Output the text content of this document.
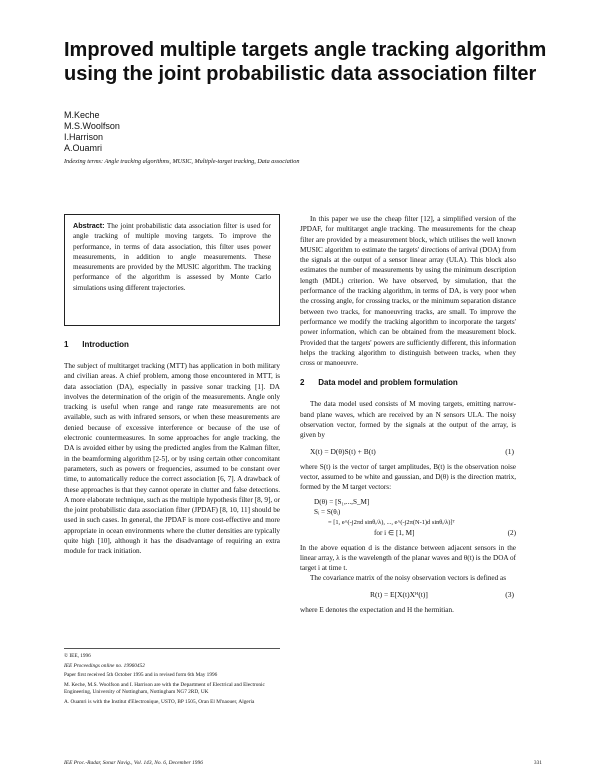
Improved multiple targets angle tracking algorithm using the joint probabilistic data association filter
M.Keche
M.S.Woolfson
I.Harrison
A.Ouamri
Indexing terms: Angle tracking algorithms, MUSIC, Multiple-target tracking, Data association

Abstract: The joint probabilistic data association filter is used for angle tracking of multiple moving targets. To improve the performance, in terms of data association, this filter uses power measurements, in addition to angle measurements. These measurements are provided by the MUSIC algorithm. The tracking performance of the algorithm is assessed by Monte Carlo simulations using different trajectories.

1 Introduction

The subject of multitarget tracking (MTT) has application in both military and civilian areas. A chief problem, among those encountered in MTT, is data association (DA), especially in passive sonar tracking [1]. DA involves the determination of the origin of the measurements. Angle only tracking is useful when range and range rate measurements are not available, such as with infrared sensors, or when these measurements are denied because of excessive interference or because of the use of electronic countermeasures. In some approaches for angle tracking, the DA is avoided either by using the predicted angles from the Kalman filter, in the beamforming algorithm [2-5], or by using certain other concomitant parameters, such as powers or frequencies, assumed to be constant over time, to automatically reduce the correct association [6, 7]. A drawback of these approaches is that they cannot operate in clutter and false detections. A more elaborate technique, such as the multiple hypothesis filter [8, 9], or the joint probabilistic data association filter (JPDAF) [8, 10, 11] should be used in such cases. In general, the JPDAF is more cost-effective and more appropriate in ocean environments where the clutter densities are typically quite high [10], although it has the disadvantage of requiring an extra module for track initiation.

© IEE, 1996
IEE Proceedings online no. 19960452
Paper first received 5th October 1995 and in revised form 6th May 1996
M. Keche, M.S. Woolfson and I. Harrison are with the Department of Electrical and Electronic Engineering, University of Nottingham, Nottingham NG7 2RD, UK
A. Ouamri is with the Institut d'Electronique, USTO, BP 1505, Oran El M'naouer, Algeria

In this paper we use the cheap filter [12], a simplified version of the JPDAF, for multitarget angle tracking. The measurements for the cheap filter are provided by a measurement block, which utilises the well known MUSIC algorithm to estimate the targets' directions of arrival (DOA) from the signals at the output of a sensor linear array (ULA). This block also estimates the number of measurements by using the minimum description length (MDL) criterion. We have observed, by simulation, that the performance of the tracking algorithm, in terms of DA, is very poor when the crossing angle, for crossing tracks, or the minimum separation distance between two tracks, for manoeuvring tracks, are small. To improve the performance we modify the tracking algorithm to incorporate the targets' power information, which can be obtained from the measurement block. Provided that the targets' powers are sufficiently different, this information helps the tracking algorithm to distinguish between tracks, when they cross or manoeuvre.

2 Data model and problem formulation

The data model used consists of M moving targets, emitting narrow-band plane waves, which are received by an N sensors ULA. The noisy observation vector, formed by the signals at the output of the array, is given by

X(t) = D(θ)S(t) + B(t)	(1)

where S(t) is the vector of target amplitudes, B(t) is the observation noise vector, assumed to be white and gaussian, and D(θ) is the direction matrix, formed by the M target vectors:

D(θ) = [S₁,...,S_M]
Sᵢ = S(θᵢ)
= [1, e^(-j2πd sinθᵢ/λ), ..., e^(-j2π(N-1)d sinθᵢ/λ)]ᵀ
for i ∈ [1, M]	(2)

In the above equation d is the distance between adjacent sensors in the linear array, λ is the wavelength of the planar waves and θ(t) is the DOA of target i at time t.

The covariance matrix of the noisy observation vectors is defined as

R(t) = E[X(t)Xᴴ(t)]	(3)

where E denotes the expectation and H the hermitian.

IEE Proc.-Radar, Sonar Navig., Vol. 143, No. 6, December 1996	331
